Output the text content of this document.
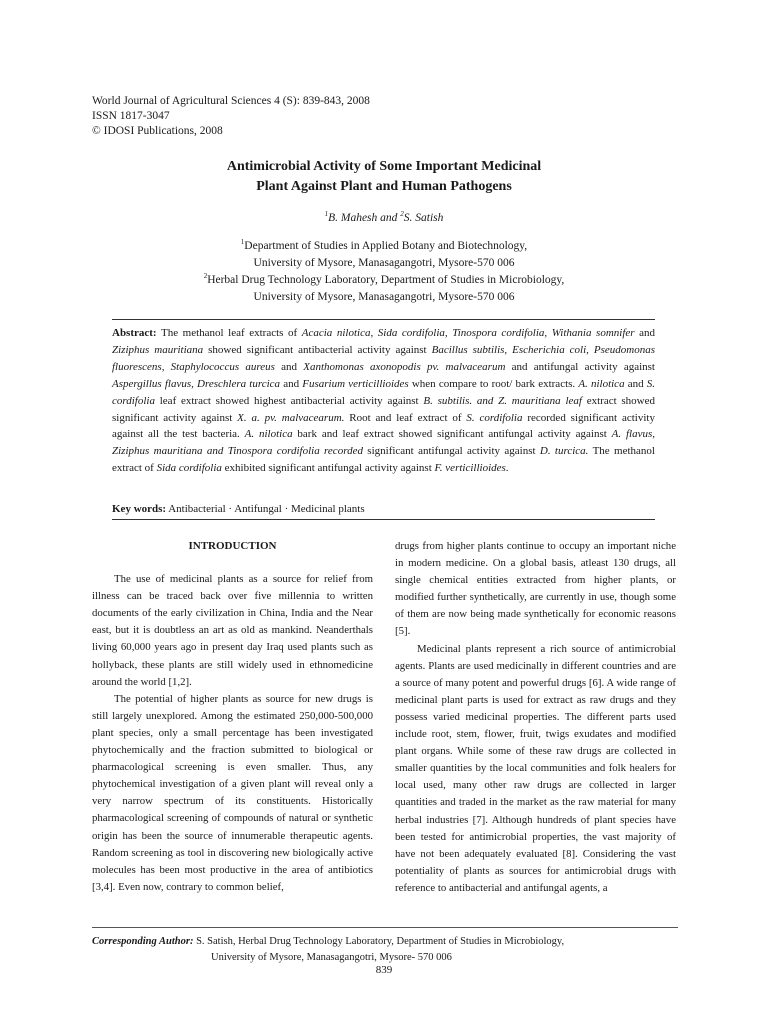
World Journal of Agricultural Sciences 4 (S): 839-843, 2008
ISSN 1817-3047
© IDOSI Publications, 2008
Antimicrobial Activity of Some Important Medicinal
Plant Against Plant and Human Pathogens
$^1$B. Mahesh and $^2$S. Satish
$^1$Department of Studies in Applied Botany and Biotechnology,
University of Mysore, Manasagangotri, Mysore-570 006
$^2$Herbal Drug Technology Laboratory, Department of Studies in Microbiology,
University of Mysore, Manasagangotri, Mysore-570 006
Abstract: The methanol leaf extracts of Acacia nilotica, Sida cordifolia, Tinospora cordifolia, Withania somnifer and Ziziphus mauritiana showed significant antibacterial activity against Bacillus subtilis, Escherichia coli, Pseudomonas fluorescens, Staphylococcus aureus and Xanthomonas axonopodis pv. malvacearum and antifungal activity against Aspergillus flavus, Dreschlera turcica and Fusarium verticillioides when compare to root/ bark extracts. A. nilotica and S. cordifolia leaf extract showed highest antibacterial activity against B. subtilis. and Z. mauritiana leaf extract showed significant activity against X. a. pv. malvacearum. Root and leaf extract of S. cordifolia recorded significant activity against all the test bacteria. A. nilotica bark and leaf extract showed significant antifungal activity against A. flavus, Ziziphus mauritiana and Tinospora cordifolia recorded significant antifungal activity against D. turcica. The methanol extract of Sida cordifolia exhibited significant antifungal activity against F. verticillioides.
Key words: Antibacterial · Antifungal · Medicinal plants

INTRODUCTION

The use of medicinal plants as a source for relief from illness can be traced back over five millennia to written documents of the early civilization in China, India and the Near east, but it is doubtless an art as old as mankind. Neanderthals living 60,000 years ago in present day Iraq used plants such as hollyback, these plants are still widely used in ethnomedicine around the world [1,2].

The potential of higher plants as source for new drugs is still largely unexplored. Among the estimated 250,000-500,000 plant species, only a small percentage has been investigated phytochemically and the fraction submitted to biological or pharmacological screening is even smaller. Thus, any phytochemical investigation of a given plant will reveal only a very narrow spectrum of its constituents. Historically pharmacological screening of compounds of natural or synthetic origin has been the source of innumerable therapeutic agents. Random screening as tool in discovering new biologically active molecules has been most productive in the area of antibiotics [3,4]. Even now, contrary to common belief,

drugs from higher plants continue to occupy an important niche in modern medicine. On a global basis, atleast 130 drugs, all single chemical entities extracted from higher plants, or modified further synthetically, are currently in use, though some of them are now being made synthetically for economic reasons [5].

Medicinal plants represent a rich source of antimicrobial agents. Plants are used medicinally in different countries and are a source of many potent and powerful drugs [6]. A wide range of medicinal plant parts is used for extract as raw drugs and they possess varied medicinal properties. The different parts used include root, stem, flower, fruit, twigs exudates and modified plant organs. While some of these raw drugs are collected in smaller quantities by the local communities and folk healers for local used, many other raw drugs are collected in larger quantities and traded in the market as the raw material for many herbal industries [7]. Although hundreds of plant species have been tested for antimicrobial properties, the vast majority of have not been adequately evaluated [8]. Considering the vast potentiality of plants as sources for antimicrobial drugs with reference to antibacterial and antifungal agents, a

Corresponding Author: S. Satish, Herbal Drug Technology Laboratory, Department of Studies in Microbiology,
University of Mysore, Manasagangotri, Mysore- 570 006
839
